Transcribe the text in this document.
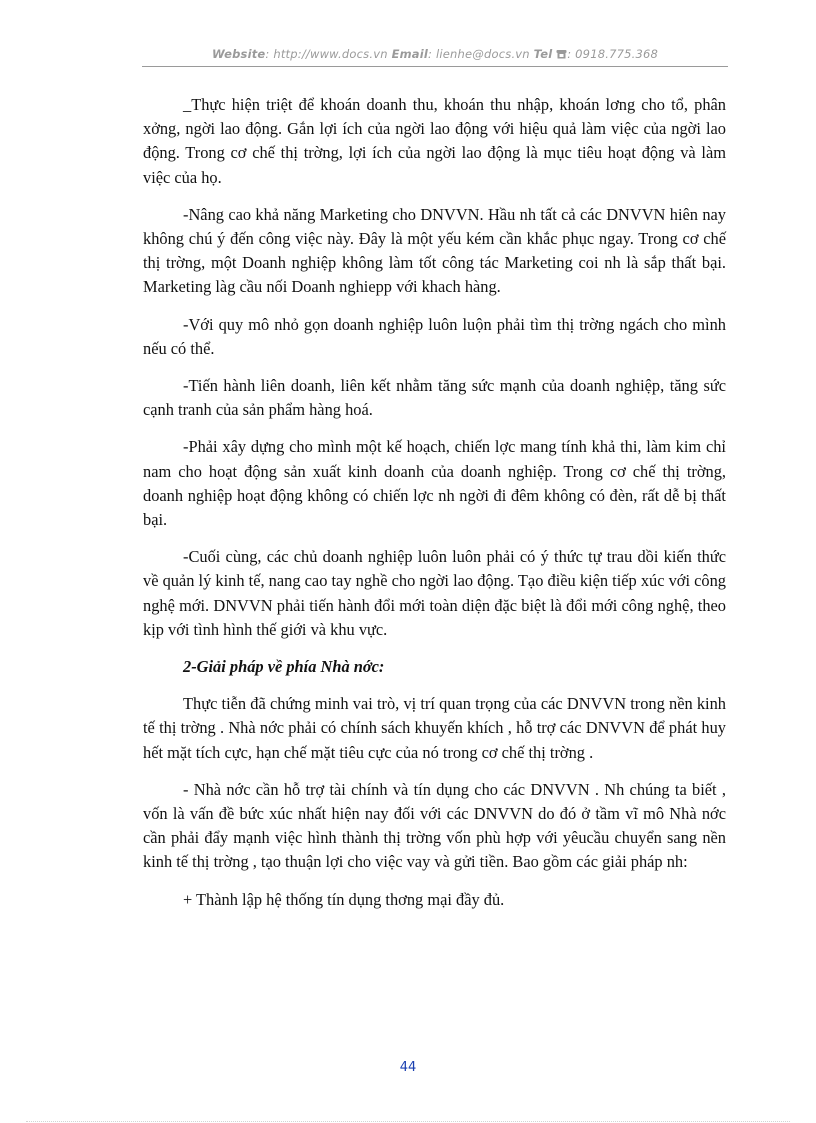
Website: http://www.docs.vn Email: lienhe@docs.vn Tel : 0918.775.368

_Thực hiện triệt để khoán doanh thu, khoán thu nhập, khoán lơng cho tổ, phân xởng, ngời lao động. Gắn lợi ích của ngời lao động với hiệu quả làm việc của ngời lao động. Trong cơ chế thị trờng, lợi ích của ngời lao động là mục tiêu hoạt động và làm việc của họ.

-Nâng cao khả năng Marketing cho DNVVN. Hầu nh tất cả các DNVVN hiên nay không chú ý đến công việc này. Đây là một yếu kém cần khắc phục ngay. Trong cơ chế thị trờng, một Doanh nghiệp không làm tốt công tác Marketing coi nh là sắp thất bại. Marketing làg cầu nối Doanh nghiepp với khach hàng.

-Với quy mô nhỏ gọn doanh nghiệp luôn luộn phải tìm thị trờng ngách cho mình nếu có thể.

-Tiến hành liên doanh, liên kết nhằm tăng sức mạnh của doanh nghiệp, tăng sức cạnh tranh của sản phẩm hàng hoá.

-Phải xây dựng cho mình một kế hoạch, chiến lợc mang tính khả thi, làm kim chỉ nam cho hoạt động sản xuất kinh doanh của doanh nghiệp. Trong cơ chế thị trờng, doanh nghiệp hoạt động không có chiến lợc nh ngời đi đêm không có đèn, rất dễ bị thất bại.

-Cuối cùng, các chủ doanh nghiệp luôn luôn phải có ý thức tự trau dồi kiến thức về quản lý kinh tế, nang cao tay nghề cho ngời lao động. Tạo điều kiện tiếp xúc với công nghệ mới. DNVVN phải tiến hành đổi mới toàn diện đặc biệt là đổi mới công nghệ, theo kịp với tình hình thế giới và khu vực.

2-Giải pháp về phía Nhà nớc:

Thực tiễn đã chứng minh vai trò, vị trí quan trọng của các DNVVN trong nền kinh tế thị trờng . Nhà nớc phải có chính sách khuyến khích , hỗ trợ các DNVVN để phát huy hết mặt tích cực, hạn chế mặt tiêu cực của nó trong cơ chế thị trờng .

- Nhà nớc cần hỗ trợ tài chính và tín dụng cho các DNVVN . Nh chúng ta biết , vốn là vấn đề bức xúc nhất hiện nay đối với các DNVVN do đó ở tầm vĩ mô Nhà nớc cần phải đẩy mạnh việc hình thành thị trờng vốn phù hợp với yêucầu chuyển sang nền kinh tế thị trờng , tạo thuận lợi cho việc vay và gửi tiền. Bao gồm các giải pháp nh:

+ Thành lập hệ thống tín dụng thơng mại đầy đủ.

44
